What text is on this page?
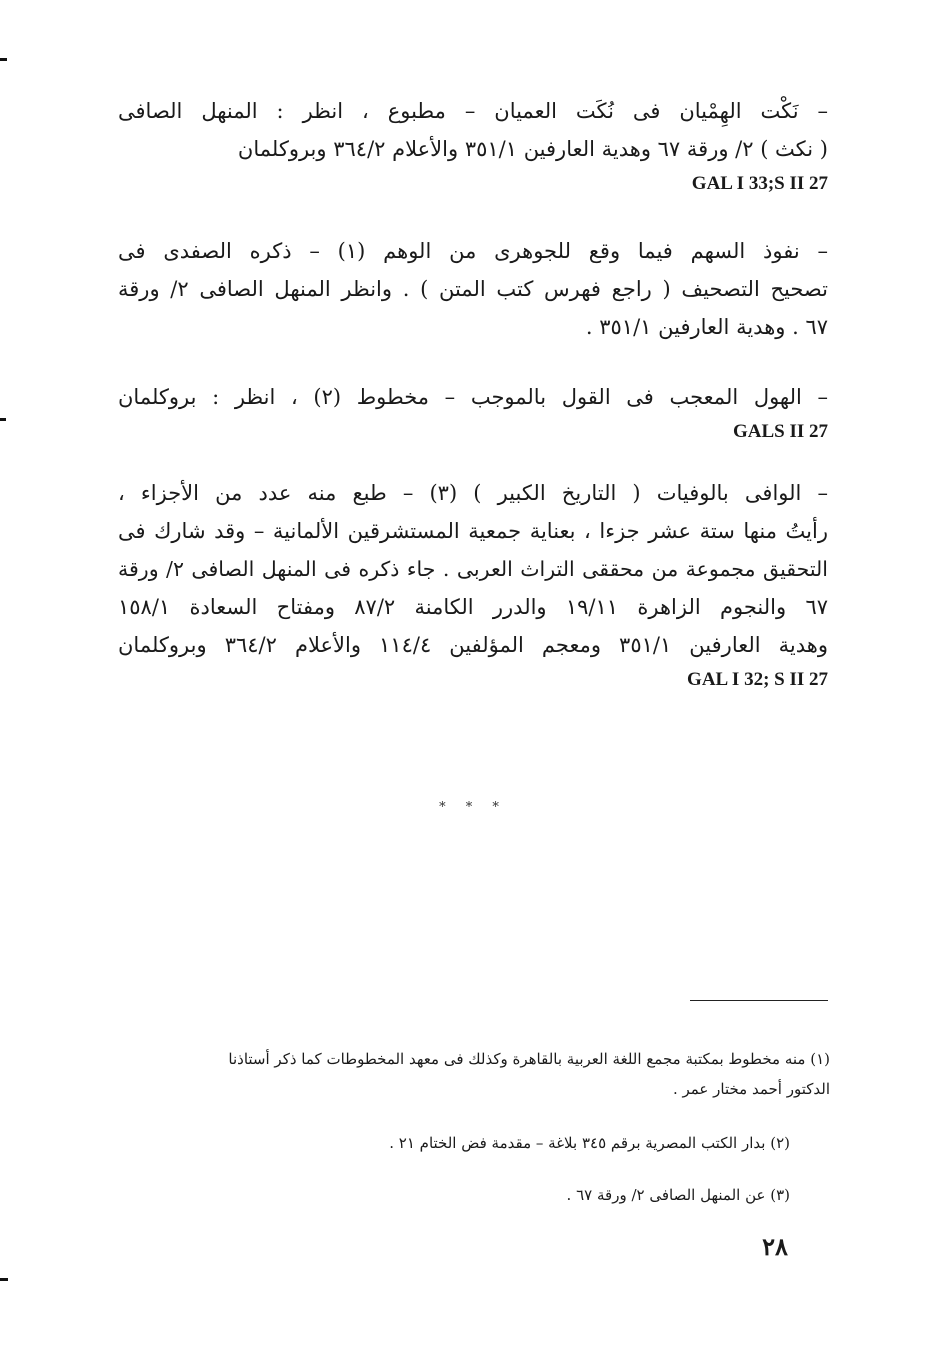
– نَكْت الهِمْيان فى نُكَت العميان – مطبوع ، انظر : المنهل الصافى
( نكث ) ٢/ ورقة ٦٧ وهدية العارفين ٣٥١/١ والأعلام ٣٦٤/٢ وبروكلمان
GAL I 33;S II 27
– نفوذ السهم فيما وقع للجوهرى من الوهم (١) – ذكره الصفدى فى
تصحيح التصحيف ( راجع فهرس كتب المتن ) . وانظر المنهل الصافى ٢/ ورقة
٦٧ . وهدية العارفين ٣٥١/١ .
– الهول المعجب فى القول بالموجب – مخطوط (٢) ، انظر : بروكلمان
GALS II 27
– الوافى بالوفيات ( التاريخ الكبير ) (٣) – طبع منه عدد من الأجزاء ،
رأيتُ منها ستة عشر جزءا ، بعناية جمعية المستشرقين الألمانية – وقد شارك فى
التحقيق مجموعة من محققى التراث العربى . جاء ذكره فى المنهل الصافى ٢/ ورقة
٦٧ والنجوم الزاهرة ١٩/١١ والدرر الكامنة ٨٧/٢ ومفتاح السعادة ١٥٨/١
وهدية العارفين ٣٥١/١ ومعجم المؤلفين ١١٤/٤ والأعلام ٣٦٤/٢ وبروكلمان
GAL I 32; S II 27
* * *
(١) منه مخطوط بمكتبة مجمع اللغة العربية بالقاهرة وكذلك فى معهد المخطوطات كما ذكر أستاذنا
الدكتور أحمد مختار عمر .
(٢) بدار الكتب المصرية برقم ٣٤٥ بلاغة – مقدمة فض الختام ٢١ .
(٣) عن المنهل الصافى ٢/ ورقة ٦٧ .
٢٨
